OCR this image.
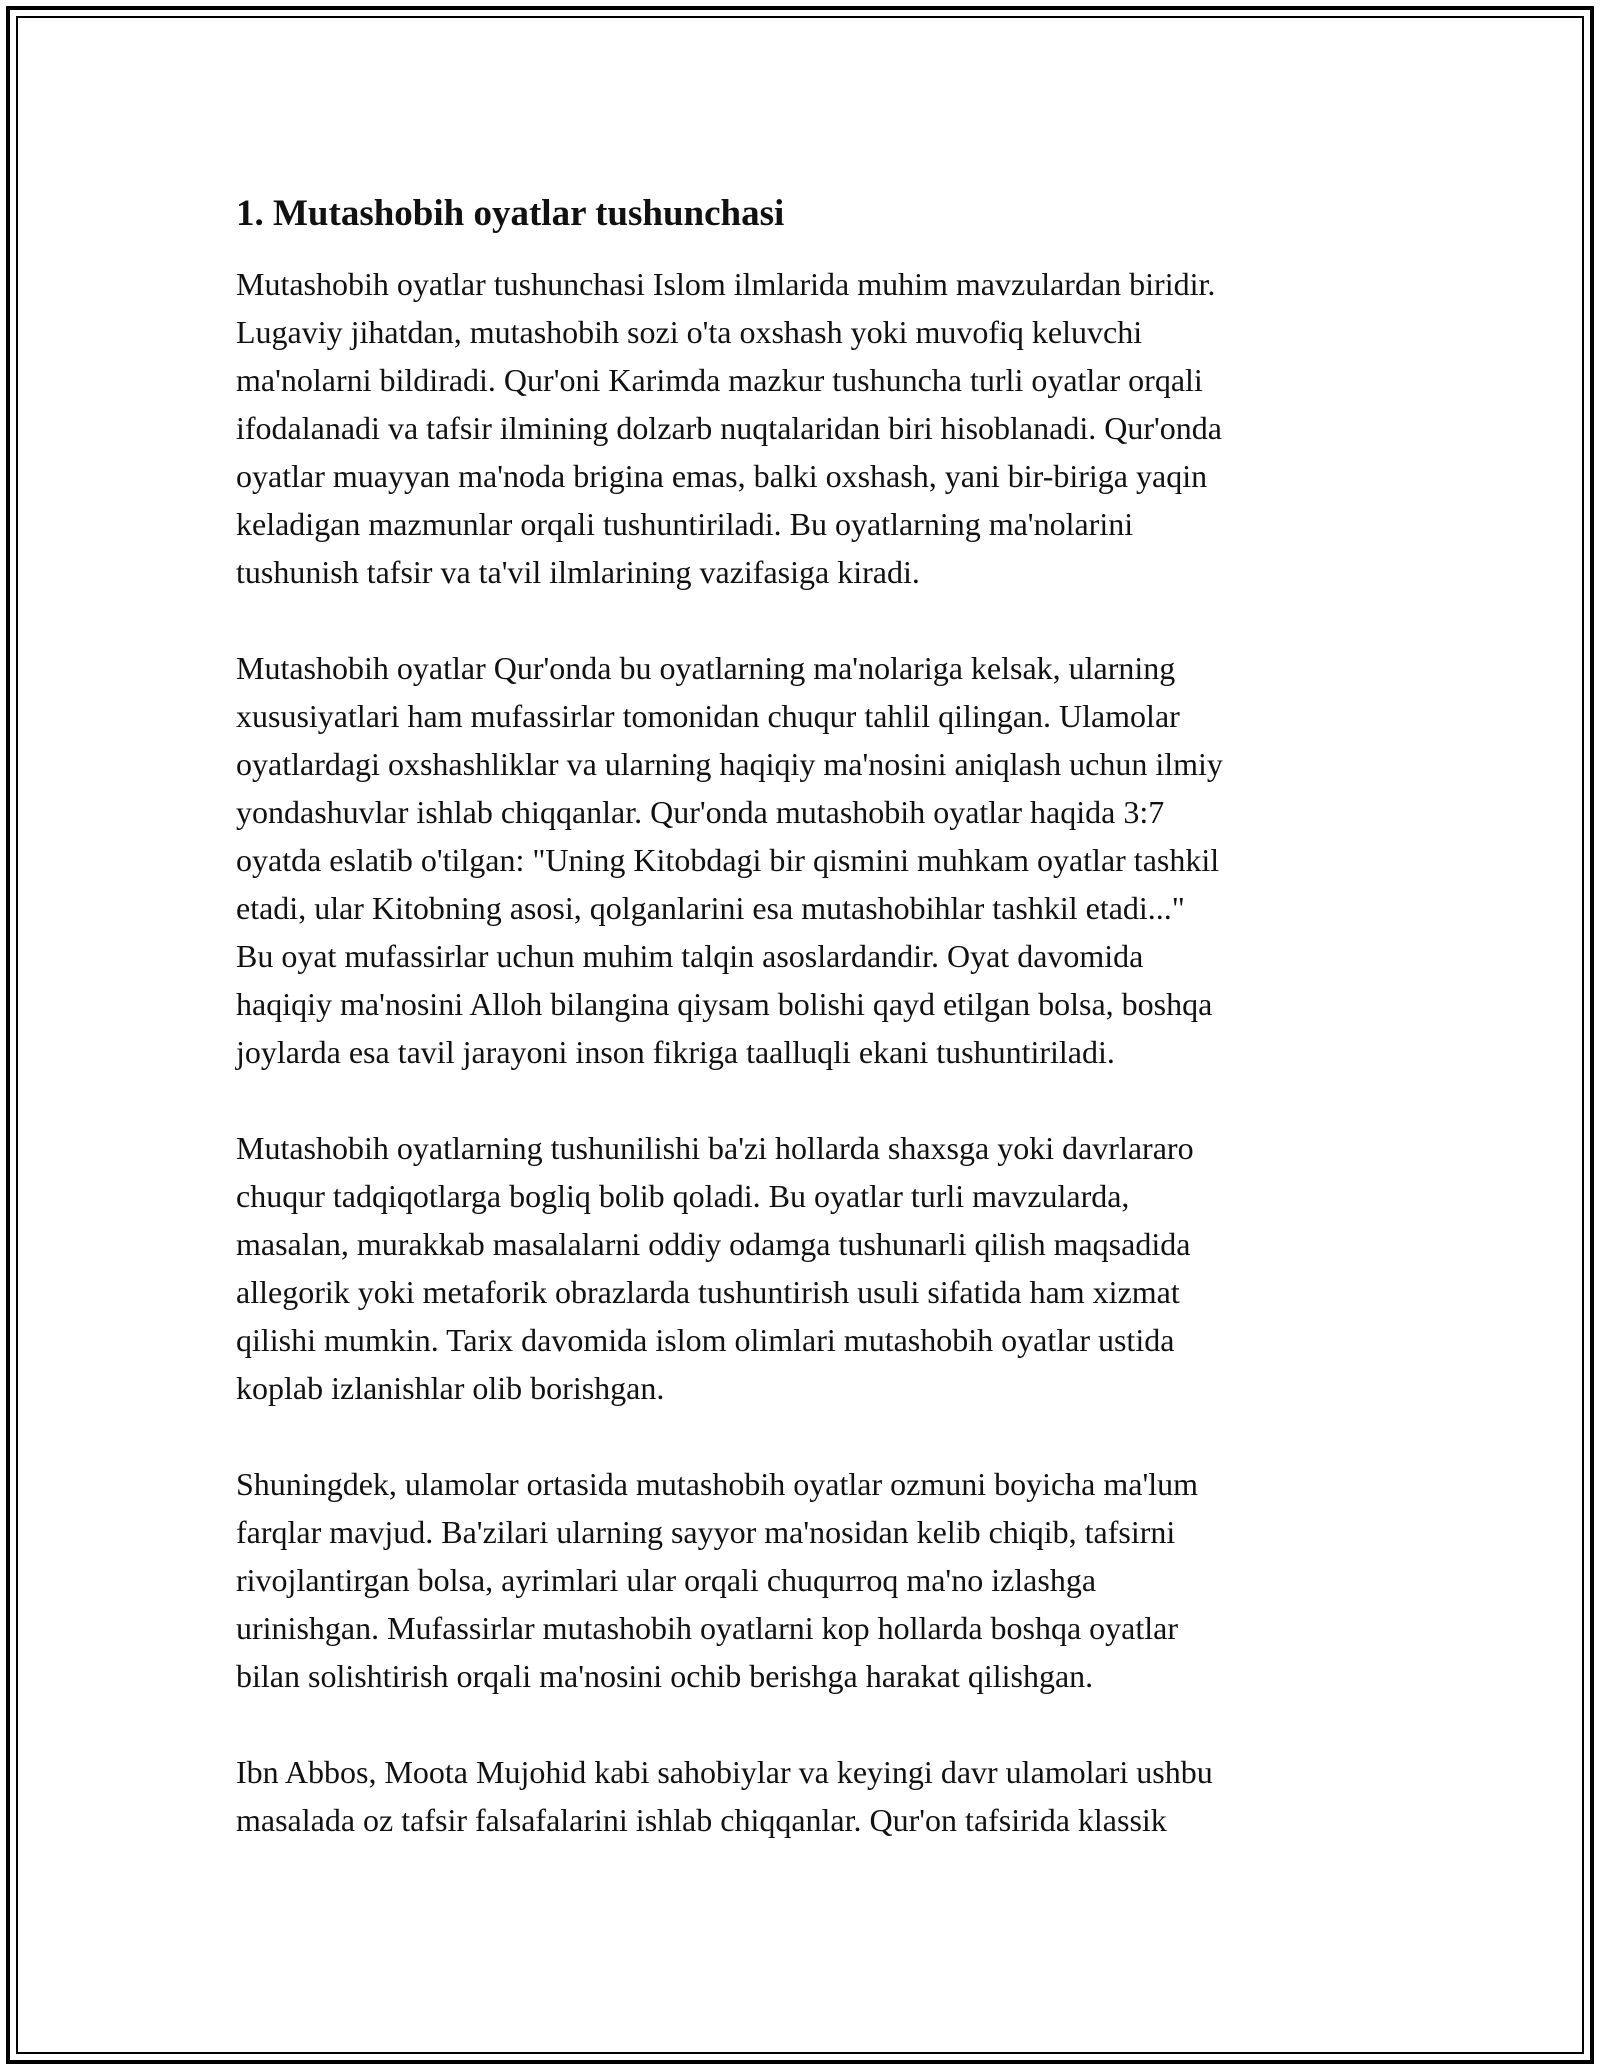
1. Mutashobih oyatlar tushunchasi

Mutashobih oyatlar tushunchasi Islom ilmlarida muhim mavzulardan biridir.
Lugaviy jihatdan, mutashobih sozi o'ta oxshash yoki muvofiq keluvchi
ma'nolarni bildiradi. Qur'oni Karimda mazkur tushuncha turli oyatlar orqali
ifodalanadi va tafsir ilmining dolzarb nuqtalaridan biri hisoblanadi. Qur'onda
oyatlar muayyan ma'noda brigina emas, balki oxshash, yani bir-biriga yaqin
keladigan mazmunlar orqali tushuntiriladi. Bu oyatlarning ma'nolarini
tushunish tafsir va ta'vil ilmlarining vazifasiga kiradi.

Mutashobih oyatlar Qur'onda bu oyatlarning ma'nolariga kelsak, ularning
xususiyatlari ham mufassirlar tomonidan chuqur tahlil qilingan. Ulamolar
oyatlardagi oxshashliklar va ularning haqiqiy ma'nosini aniqlash uchun ilmiy
yondashuvlar ishlab chiqqanlar. Qur'onda mutashobih oyatlar haqida 3:7
oyatda eslatib o'tilgan: "Uning Kitobdagi bir qismini muhkam oyatlar tashkil
etadi, ular Kitobning asosi, qolganlarini esa mutashobihlar tashkil etadi..."
Bu oyat mufassirlar uchun muhim talqin asoslardandir. Oyat davomida
haqiqiy ma'nosini Alloh bilangina qiysam bolishi qayd etilgan bolsa, boshqa
joylarda esa tavil jarayoni inson fikriga taalluqli ekani tushuntiriladi.

Mutashobih oyatlarning tushunilishi ba'zi hollarda shaxsga yoki davrlararo
chuqur tadqiqotlarga bogliq bolib qoladi. Bu oyatlar turli mavzularda,
masalan, murakkab masalalarni oddiy odamga tushunarli qilish maqsadida
allegorik yoki metaforik obrazlarda tushuntirish usuli sifatida ham xizmat
qilishi mumkin. Tarix davomida islom olimlari mutashobih oyatlar ustida
koplab izlanishlar olib borishgan.

Shuningdek, ulamolar ortasida mutashobih oyatlar ozmuni boyicha ma'lum
farqlar mavjud. Ba'zilari ularning sayyor ma'nosidan kelib chiqib, tafsirni
rivojlantirgan bolsa, ayrimlari ular orqali chuqurroq ma'no izlashga
urinishgan. Mufassirlar mutashobih oyatlarni kop hollarda boshqa oyatlar
bilan solishtirish orqali ma'nosini ochib berishga harakat qilishgan.

Ibn Abbos, Moota Mujohid kabi sahobiylar va keyingi davr ulamolari ushbu
masalada oz tafsir falsafalarini ishlab chiqqanlar. Qur'on tafsirida klassik
